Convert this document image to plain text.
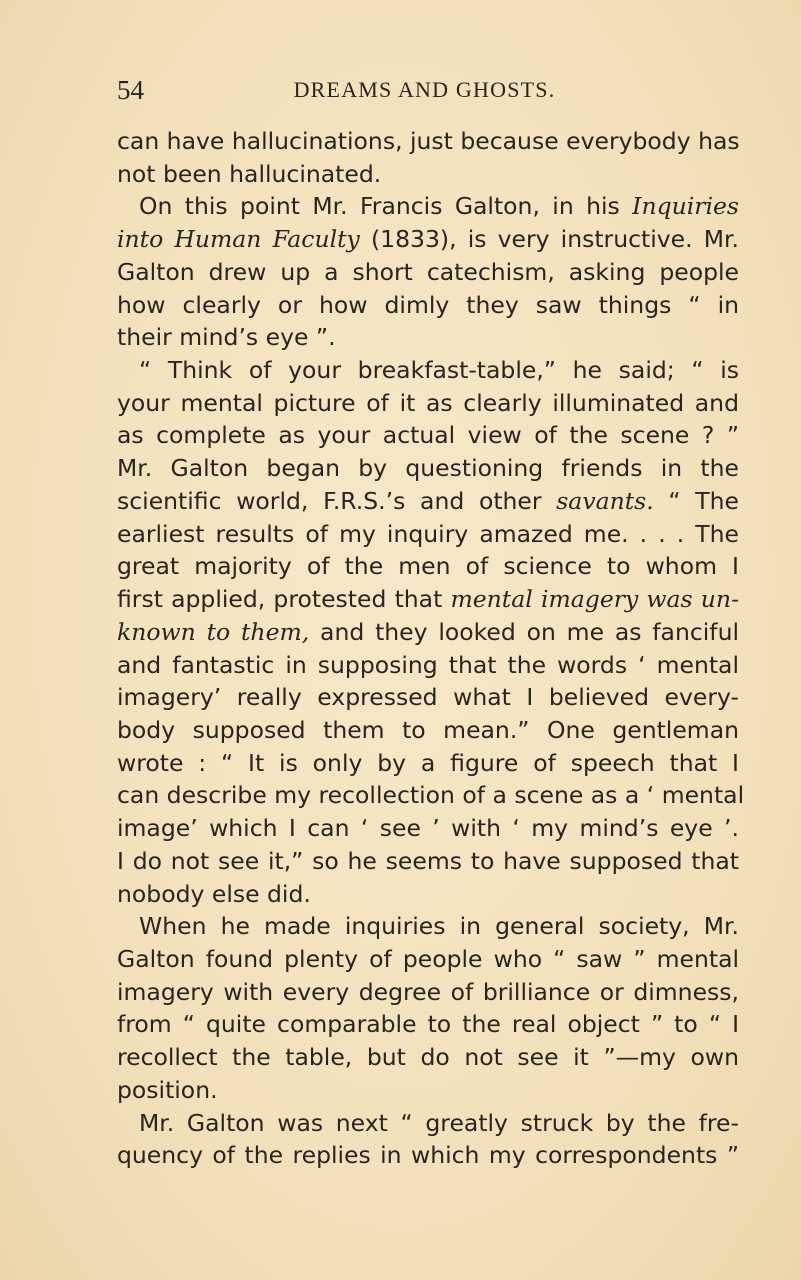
54	DREAMS AND GHOSTS.
can have hallucinations, just because everybody has
not been hallucinated.
On this point Mr. Francis Galton, in his Inquiries
into Human Faculty (1833), is very instructive. Mr.
Galton drew up a short catechism, asking people
how clearly or how dimly they saw things “ in
their mind’s eye ”.
“ Think of your breakfast-table,” he said; “ is
your mental picture of it as clearly illuminated and
as complete as your actual view of the scene ? ”
Mr. Galton began by questioning friends in the
scientific world, F.R.S.’s and other savants. “ The
earliest results of my inquiry amazed me. . . . The
great majority of the men of science to whom I
first applied, protested that mental imagery was un-
known to them, and they looked on me as fanciful
and fantastic in supposing that the words ‘ mental
imagery’ really expressed what I believed every-
body supposed them to mean.” One gentleman
wrote : “ It is only by a figure of speech that I
can describe my recollection of a scene as a ‘ mental
image’ which I can ‘ see ’ with ‘ my mind’s eye ’.
I do not see it,” so he seems to have supposed that
nobody else did.
When he made inquiries in general society, Mr.
Galton found plenty of people who “ saw ” mental
imagery with every degree of brilliance or dimness,
from “ quite comparable to the real object ” to “ I
recollect the table, but do not see it ”—my own
position.
Mr. Galton was next “ greatly struck by the fre-
quency of the replies in which my correspondents ”
